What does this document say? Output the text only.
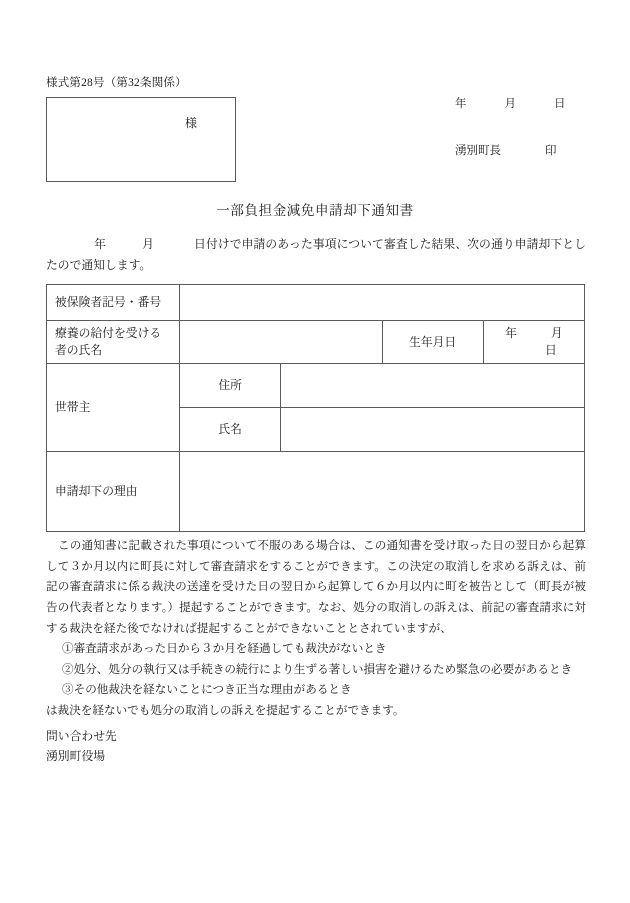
様式第28号（第32条関係）
様
年	月	日
湧別町長	印
一部負担金減免申請却下通知書
年	月	日付けで申請のあった事項について審査した結果、次の通り申請却下としたので通知します。
被保険者記号・番号				
療養の給付を受ける者の氏名			生年月日	年 月日
世帯主	住所			
	氏名			
申請却下の理由				

この通知書に記載された事項について不服のある場合は、この通知書を受け取った日の翌日から起算して３か月以内に町長に対して審査請求をすることができます。この決定の取消しを求める訴えは、前記の審査請求に係る裁決の送達を受けた日の翌日から起算して６か月以内に町を被告として（町長が被告の代表者となります。）提起することができます。なお、処分の取消しの訴えは、前記の審査請求に対する裁決を経た後でなければ提起することができないこととされていますが、

①審査請求があった日から３か月を経過しても裁決がないとき

②処分、処分の執行又は手続きの続行により生ずる著しい損害を避けるため緊急の必要があるとき

③その他裁決を経ないことにつき正当な理由があるとき

は裁決を経ないでも処分の取消しの訴えを提起することができます。

問い合わせ先
湧別町役場
